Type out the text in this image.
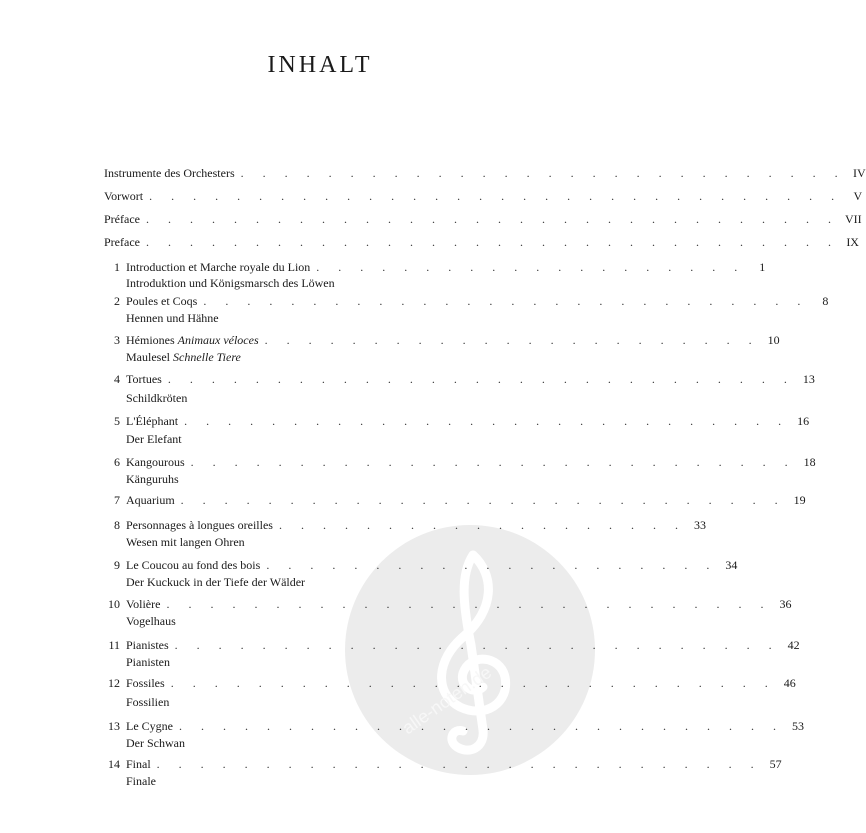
alle-noten.de
INHALT
Instrumente des Orchesters . . . . . . . . . . . . . . . . . . . . . . . . . . . . IV
Vorwort . . . . . . . . . . . . . . . . . . . . . . . . . . . . . . . . V
Préface . . . . . . . . . . . . . . . . . . . . . . . . . . . . . . . . VII
Preface . . . . . . . . . . . . . . . . . . . . . . . . . . . . . . . . IX
1 Introduction et Marche royale du Lion . . . . . . . . . . . . . . . . . . . .	1
Introduktion und Königsmarsch des Löwen
2 Poules et Coqs . . . . . . . . . . . . . . . . . . . . . . . . . . . .	8
Hennen und Hähne
3 Hémiones Animaux véloces . . . . . . . . . . . . . . . . . . . . . . . 10
Maulesel Schnelle Tiere
4 Tortues . . . . . . . . . . . . . . . . . . . . . . . . . . . . . 13
Schildkröten
5 L'Éléphant . . . . . . . . . . . . . . . . . . . . . . . . . . . . 16
Der Elefant
6 Kangourous . . . . . . . . . . . . . . . . . . . . . . . . . . . . 18
Känguruhs
7 Aquarium . . . . . . . . . . . . . . . . . . . . . . . . . . . . 19
8 Personnages à longues oreilles . . . . . . . . . . . . . . . . . . . 33
Wesen mit langen Ohren
9 Le Coucou au fond des bois . . . . . . . . . . . . . . . . . . . . . 34
Der Kuckuck in der Tiefe der Wälder
10 Volière . . . . . . . . . . . . . . . . . . . . . . . . . . . . 36
Vogelhaus
11 Pianistes . . . . . . . . . . . . . . . . . . . . . . . . . . . . 42
Pianisten
12 Fossiles . . . . . . . . . . . . . . . . . . . . . . . . . . . . 46
Fossilien
13 Le Cygne . . . . . . . . . . . . . . . . . . . . . . . . . . . . 53
Der Schwan
14 Final . . . . . . . . . . . . . . . . . . . . . . . . . . . . 57
Finale
